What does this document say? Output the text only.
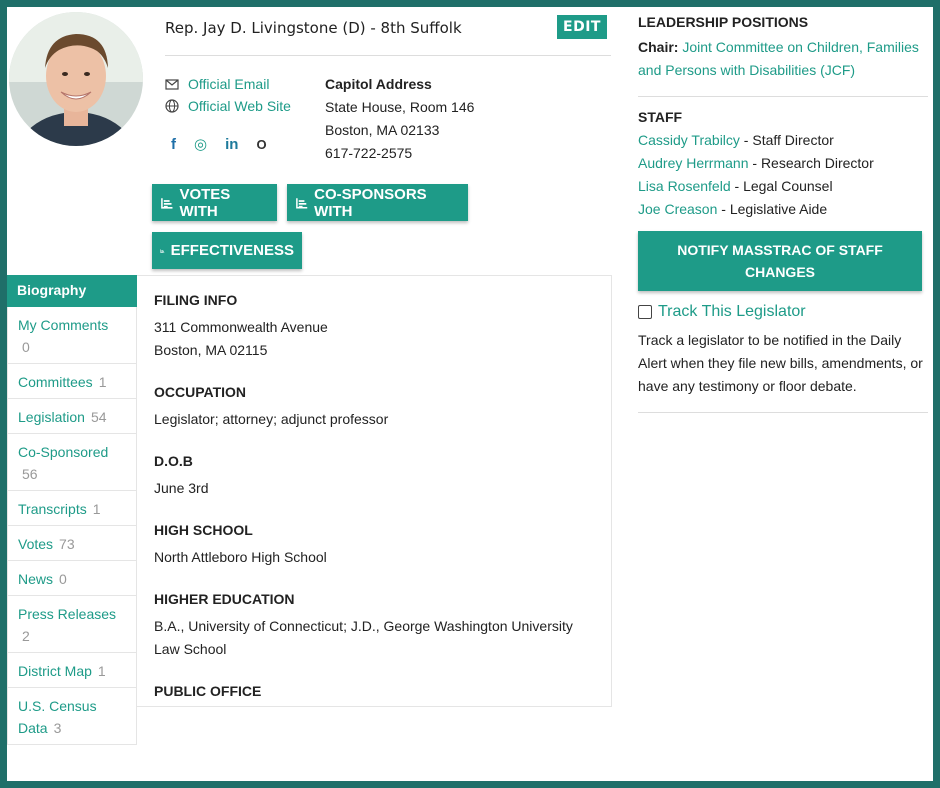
Rep. Jay D. Livingstone (D) - 8th Suffolk	EDIT
Official Email
Official Web Site
f ◎ in O
Capitol Address
State House, Room 146
Boston, MA 02133
617-722-2575
VOTES WITH
CO-SPONSORS WITH
EFFECTIVENESS
Biography
My Comments
0
Committees 1
Legislation 54
Co-Sponsored
56
Transcripts 1
Votes 73
News 0
Press Releases
2
District Map 1
U.S. Census Data 3
FILING INFO

311 Commonwealth Avenue

Boston, MA 02115

OCCUPATION

Legislator; attorney; adjunct professor

D.O.B

June 3rd

HIGH SCHOOL

North Attleboro High School

HIGHER EDUCATION

B.A., University of Connecticut; J.D., George Washington University Law School

PUBLIC OFFICE
LEADERSHIP POSITIONS

Chair: Joint Committee on Children, Families and Persons with Disabilities (JCF)

STAFF
Cassidy Trabilcy - Staff Director
Audrey Herrmann - Research Director
Lisa Rosenfeld - Legal Counsel
Joe Creason - Legislative Aide
NOTIFY MASSTRAC OF STAFF CHANGES
Track This Legislator

Track a legislator to be notified in the Daily Alert when they file new bills, amendments, or have any testimony or floor debate.
